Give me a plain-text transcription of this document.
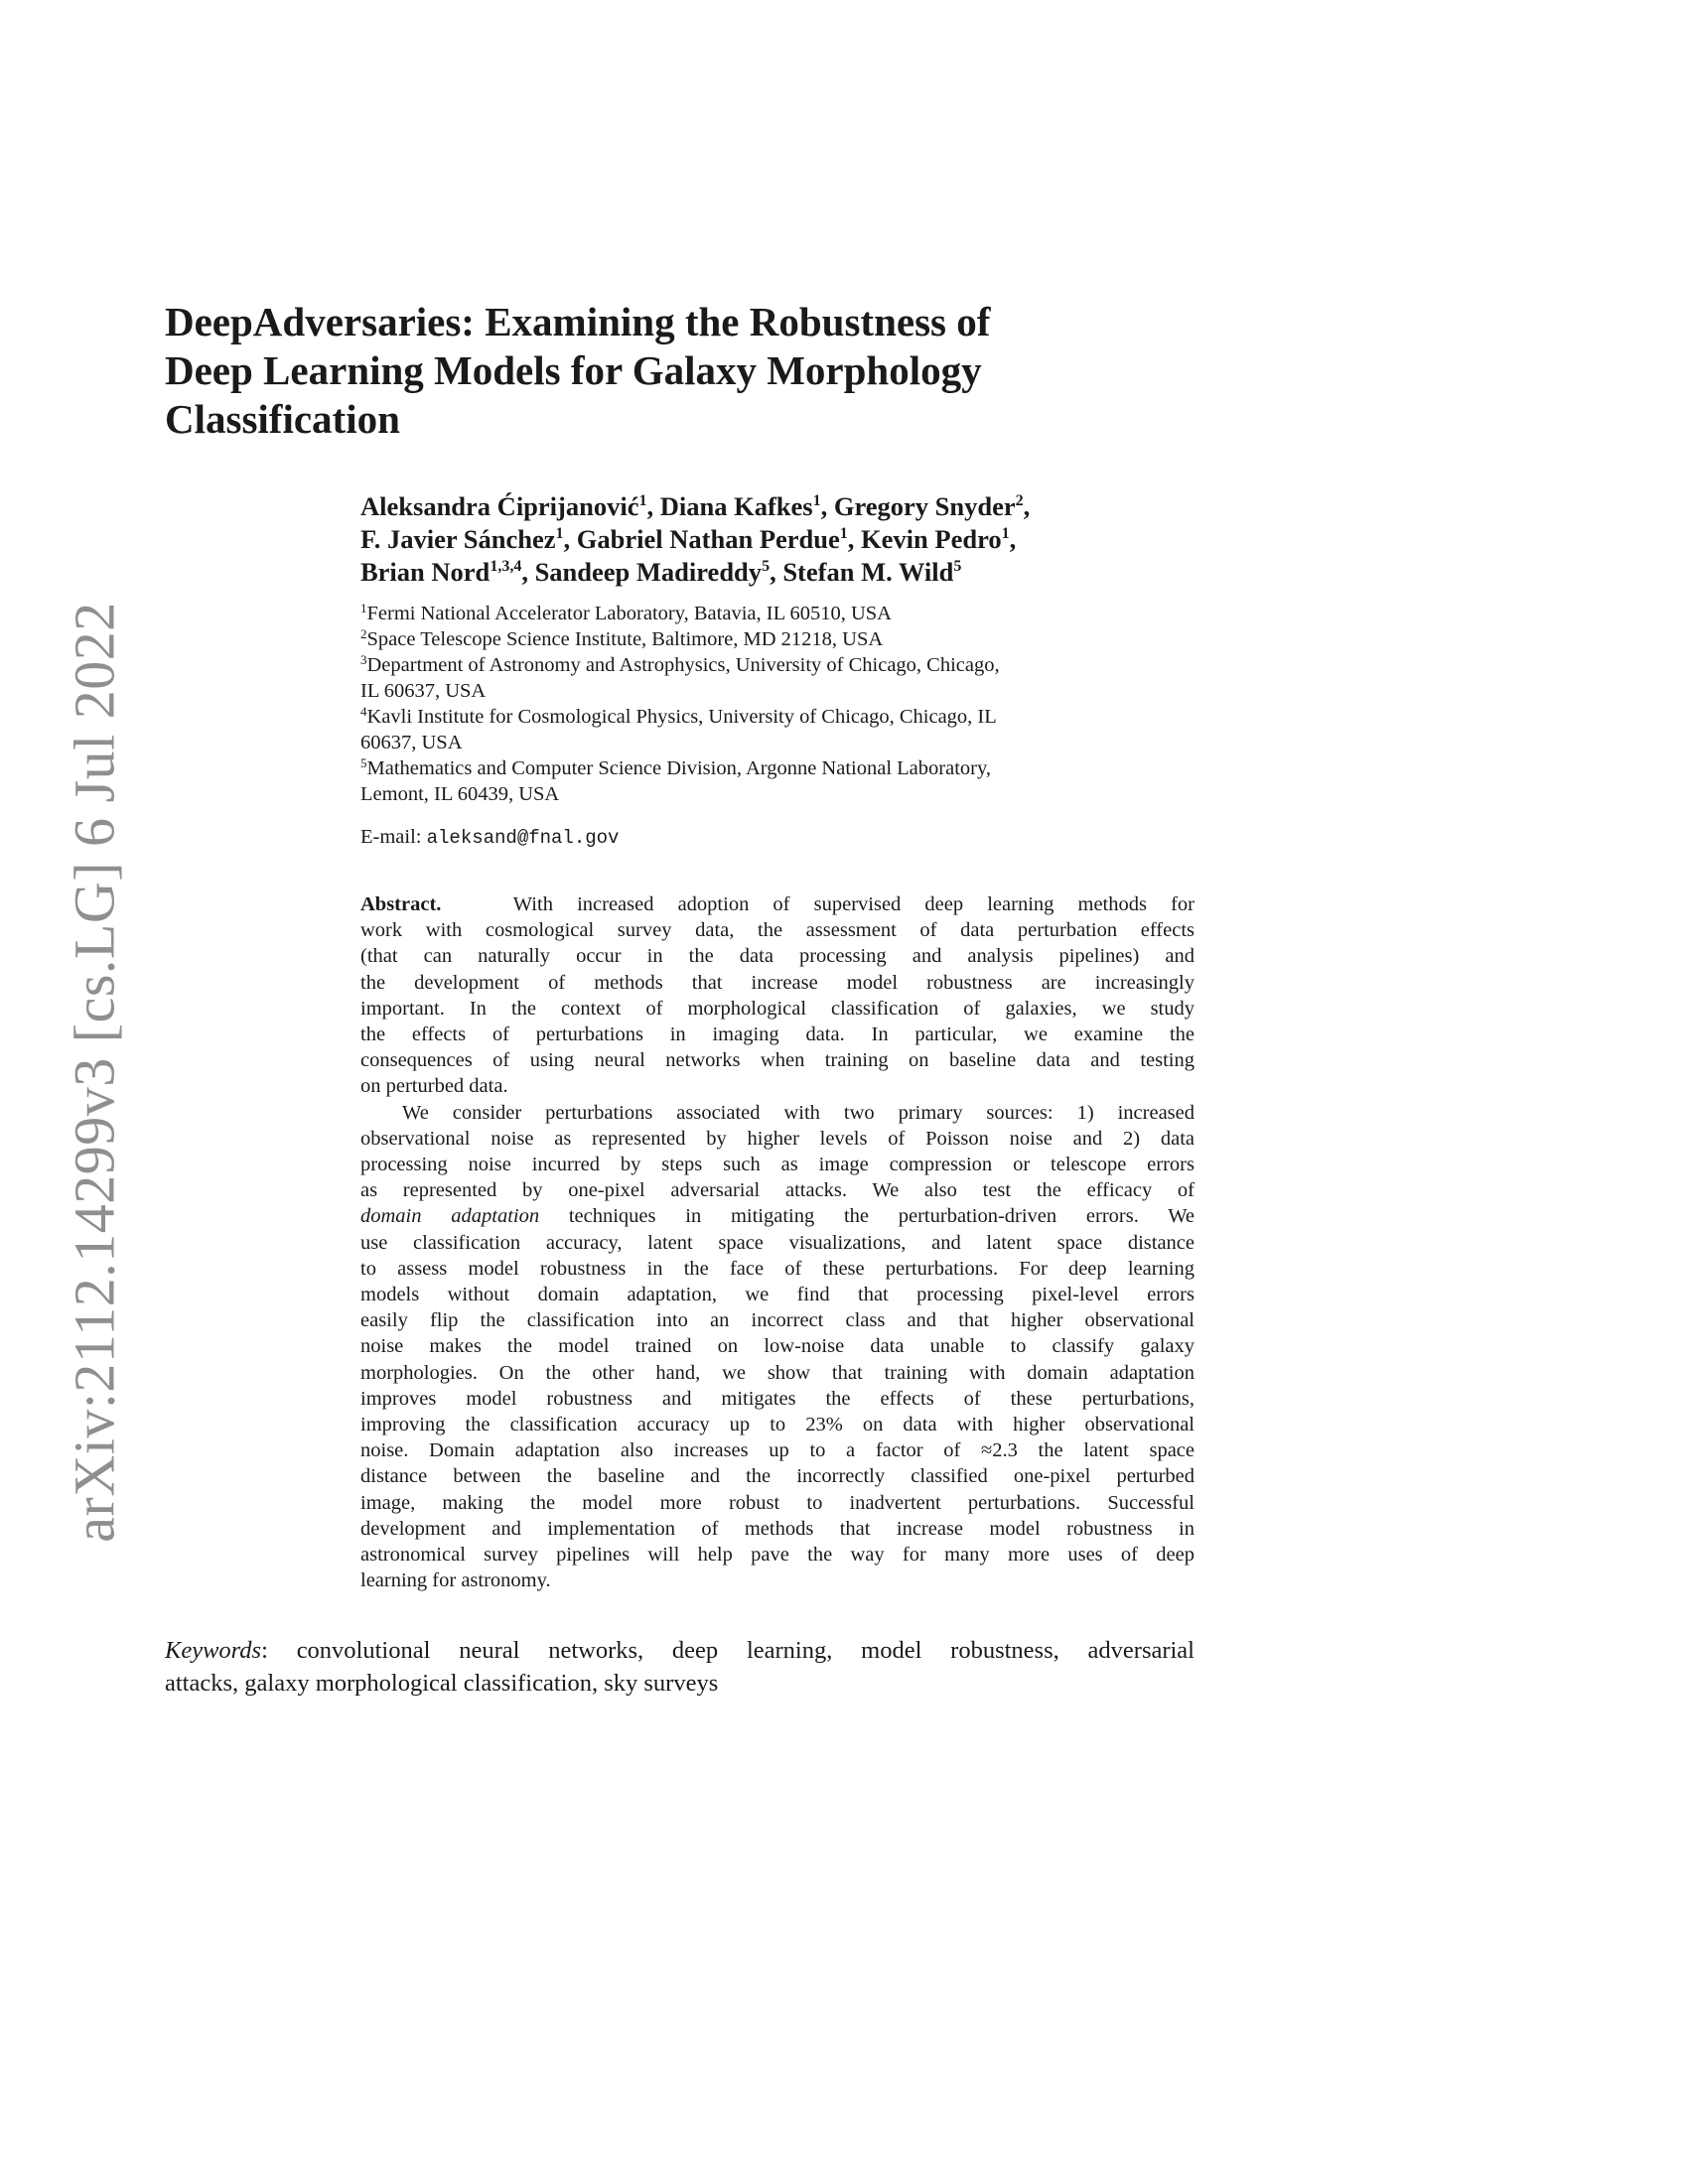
arXiv:2112.14299v3 [cs.LG] 6 Jul 2022
DeepAdversaries: Examining the Robustness of
Deep Learning Models for Galaxy Morphology
Classification
Aleksandra Ćiprijanović$^1$, Diana Kafkes$^1$, Gregory Snyder$^2$,
F. Javier Sánchez$^1$, Gabriel Nathan Perdue$^1$, Kevin Pedro$^1$,
Brian Nord$^{1,3,4}$, Sandeep Madireddy$^5$, Stefan M. Wild$^5$
$^1$Fermi National Accelerator Laboratory, Batavia, IL 60510, USA
$^2$Space Telescope Science Institute, Baltimore, MD 21218, USA
$^3$Department of Astronomy and Astrophysics, University of Chicago, Chicago,
IL 60637, USA
$^4$Kavli Institute for Cosmological Physics, University of Chicago, Chicago, IL
60637, USA
$^5$Mathematics and Computer Science Division, Argonne National Laboratory,
Lemont, IL 60439, USA
E-mail: aleksand@fnal.gov
Abstract.	With increased adoption of supervised deep learning methods for
work with cosmological survey data, the assessment of data perturbation effects
(that can naturally occur in the data processing and analysis pipelines) and
the development of methods that increase model robustness are increasingly
important. In the context of morphological classification of galaxies, we study
the effects of perturbations in imaging data. In particular, we examine the
consequences of using neural networks when training on baseline data and testing
on perturbed data.
We consider perturbations associated with two primary sources: 1) increased
observational noise as represented by higher levels of Poisson noise and 2) data
processing noise incurred by steps such as image compression or telescope errors
as represented by one-pixel adversarial attacks. We also test the efficacy of
domain adaptation techniques in mitigating the perturbation-driven errors. We
use classification accuracy, latent space visualizations, and latent space distance
to assess model robustness in the face of these perturbations. For deep learning
models without domain adaptation, we find that processing pixel-level errors
easily flip the classification into an incorrect class and that higher observational
noise makes the model trained on low-noise data unable to classify galaxy
morphologies. On the other hand, we show that training with domain adaptation
improves model robustness and mitigates the effects of these perturbations,
improving the classification accuracy up to 23% on data with higher observational
noise. Domain adaptation also increases up to a factor of ≈2.3 the latent space
distance between the baseline and the incorrectly classified one-pixel perturbed
image, making the model more robust to inadvertent perturbations. Successful
development and implementation of methods that increase model robustness in
astronomical survey pipelines will help pave the way for many more uses of deep
learning for astronomy.
Keywords: convolutional neural networks, deep learning, model robustness, adversarial
attacks, galaxy morphological classification, sky surveys
